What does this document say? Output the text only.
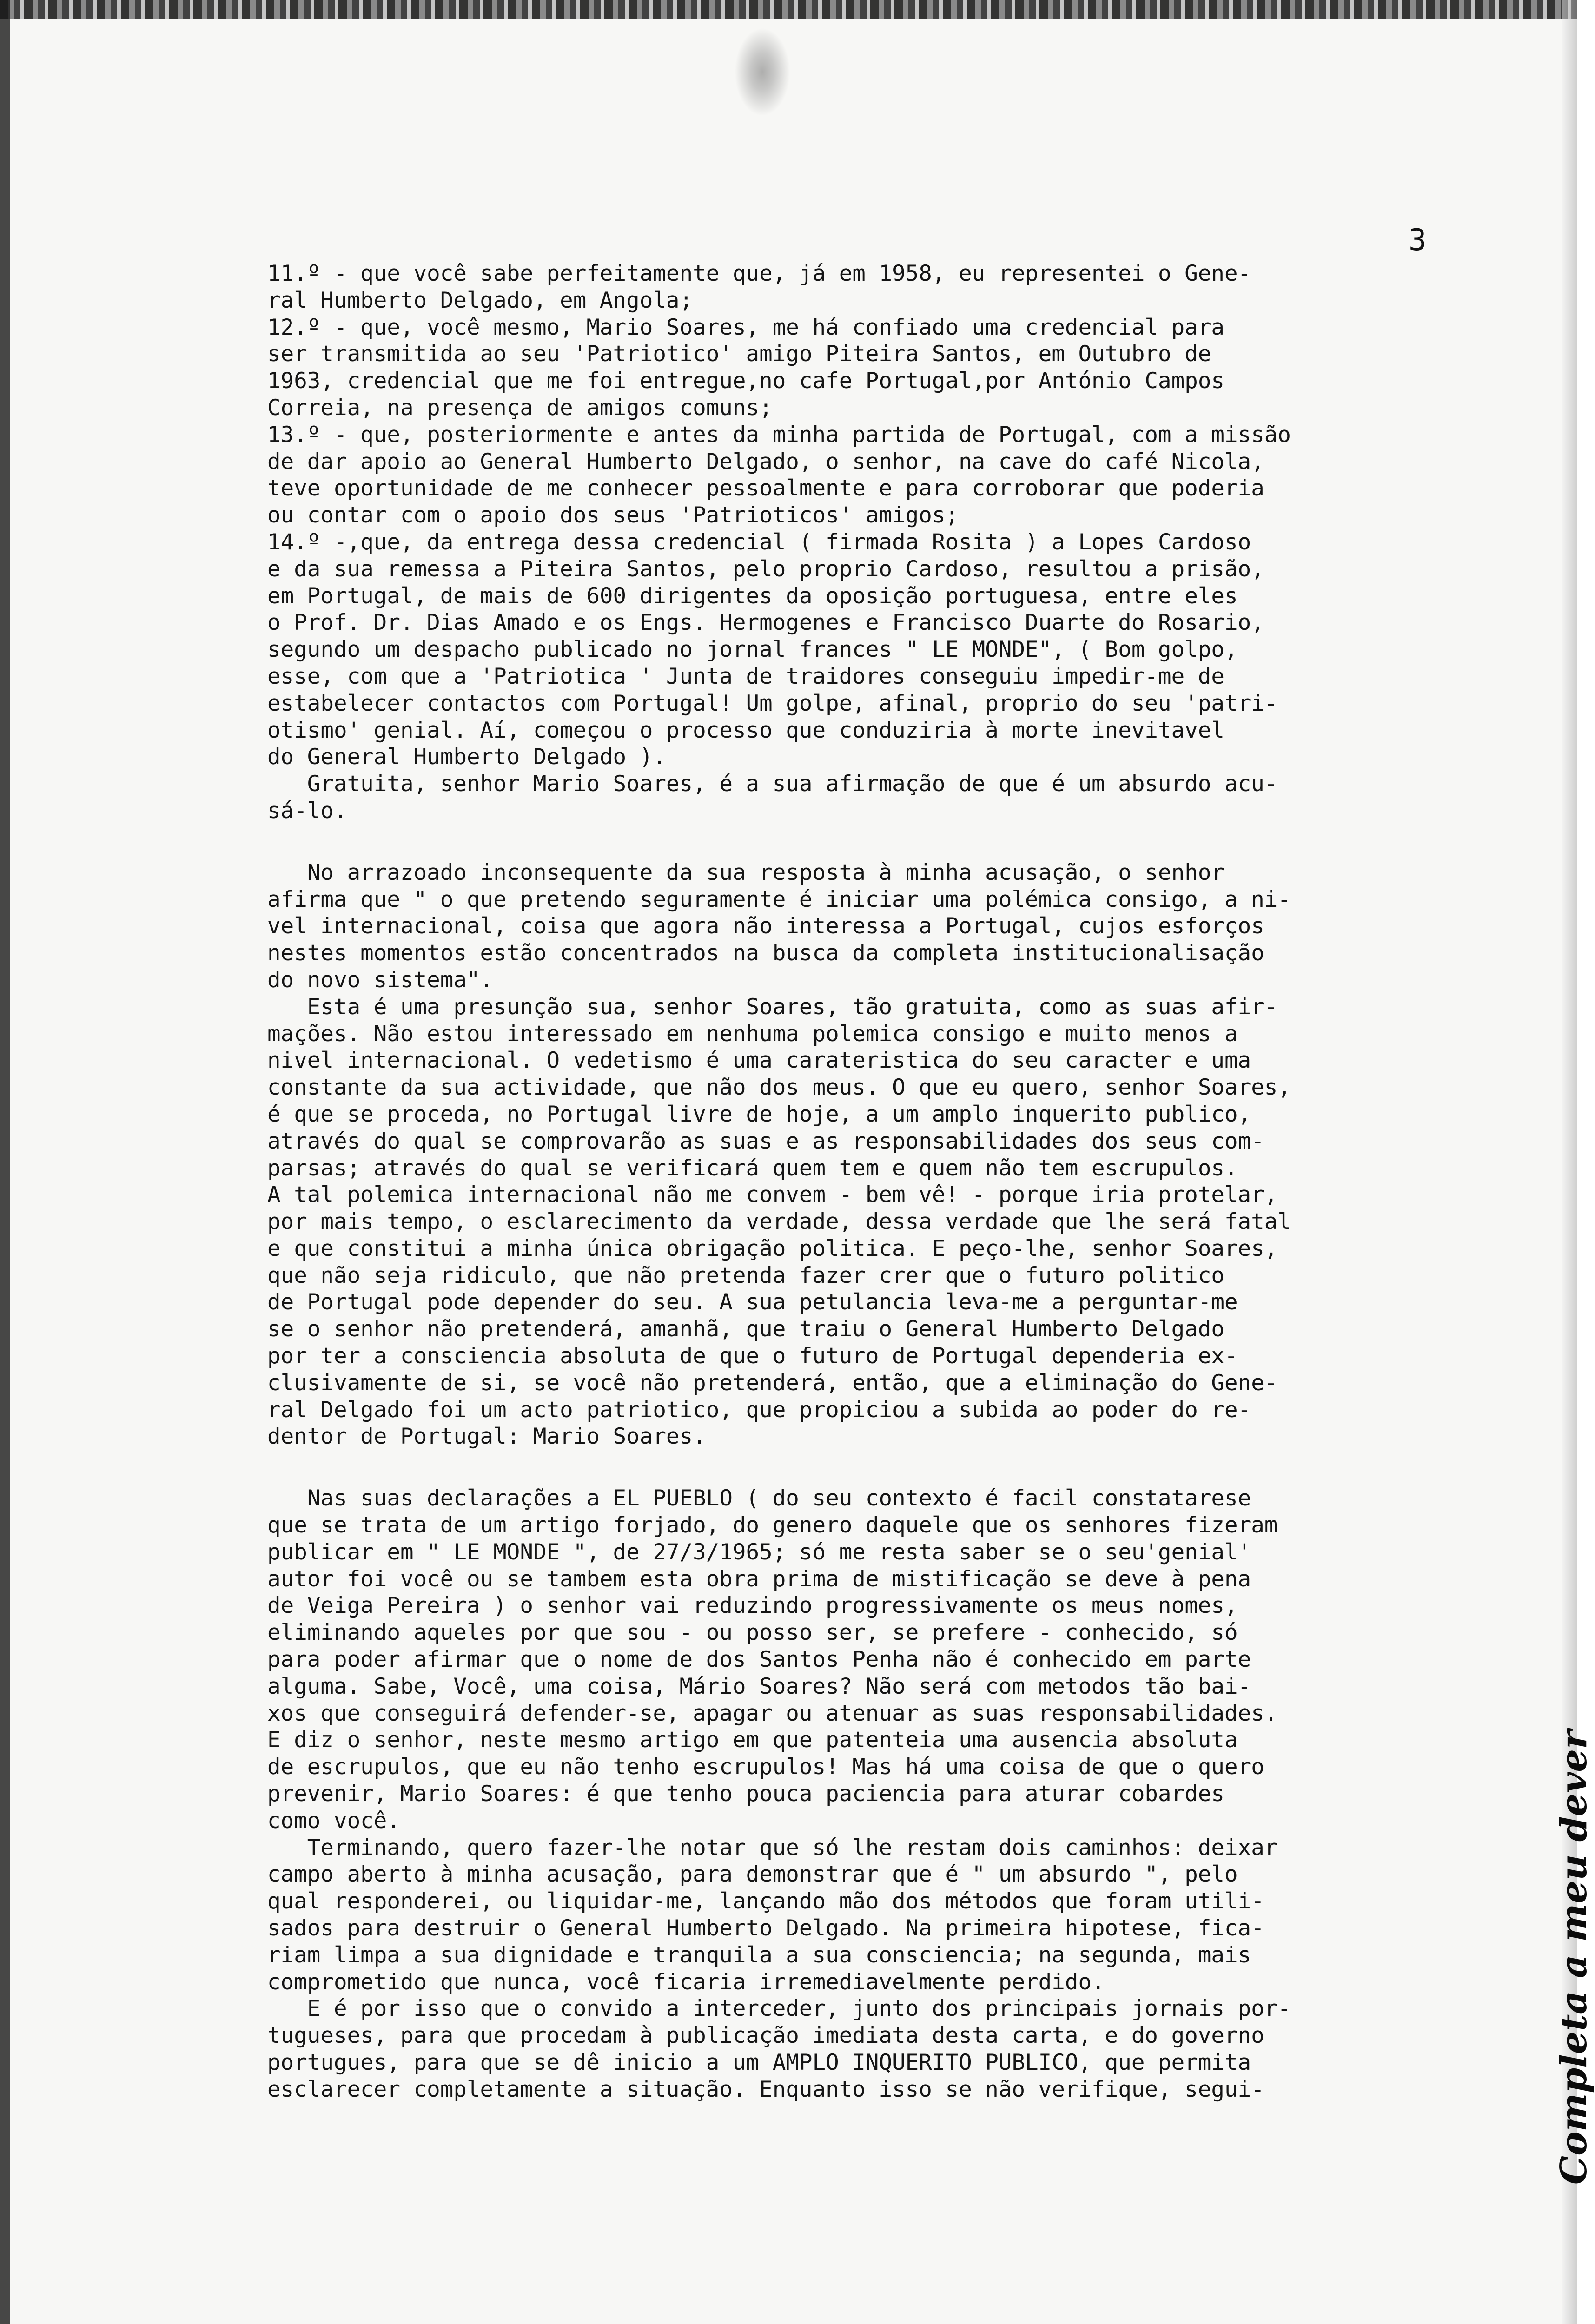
3
11.º - que você sabe perfeitamente que, já em 1958, eu representei o Gene-
ral Humberto Delgado, em Angola;
12.º - que, você mesmo, Mario Soares, me há confiado uma credencial para
ser transmitida ao seu 'Patriotico' amigo Piteira Santos, em Outubro de
1963, credencial que me foi entregue,no cafe Portugal,por António Campos
Correia, na presença de amigos comuns;
13.º - que, posteriormente e antes da minha partida de Portugal, com a missão
de dar apoio ao General Humberto Delgado, o senhor, na cave do café Nicola,
teve oportunidade de me conhecer pessoalmente e para corroborar que poderia
ou contar com o apoio dos seus 'Patrioticos' amigos;
14.º -,que, da entrega dessa credencial ( firmada Rosita ) a Lopes Cardoso
e da sua remessa a Piteira Santos, pelo proprio Cardoso, resultou a prisão,
em Portugal, de mais de 600 dirigentes da oposição portuguesa, entre eles
o Prof. Dr. Dias Amado e os Engs. Hermogenes e Francisco Duarte do Rosario,
segundo um despacho publicado no jornal frances " LE MONDE", ( Bom golpo,
esse, com que a 'Patriotica ' Junta de traidores conseguiu impedir-me de
estabelecer contactos com Portugal! Um golpe, afinal, proprio do seu 'patri-
otismo' genial. Aí, começou o processo que conduziria à morte inevitavel
do General Humberto Delgado ).
Gratuita, senhor Mario Soares, é a sua afirmação de que é um absurdo acu-
sá-lo.
No arrazoado inconsequente da sua resposta à minha acusação, o senhor
afirma que " o que pretendo seguramente é iniciar uma polémica consigo, a ni-
vel internacional, coisa que agora não interessa a Portugal, cujos esforços
nestes momentos estão concentrados na busca da completa institucionalisação
do novo sistema".
Esta é uma presunção sua, senhor Soares, tão gratuita, como as suas afir-
mações. Não estou interessado em nenhuma polemica consigo e muito menos a
nivel internacional. O vedetismo é uma carateristica do seu caracter e uma
constante da sua actividade, que não dos meus. O que eu quero, senhor Soares,
é que se proceda, no Portugal livre de hoje, a um amplo inquerito publico,
através do qual se comprovarão as suas e as responsabilidades dos seus com-
parsas; através do qual se verificará quem tem e quem não tem escrupulos.
A tal polemica internacional não me convem - bem vê! - porque iria protelar,
por mais tempo, o esclarecimento da verdade, dessa verdade que lhe será fatal
e que constitui a minha única obrigação politica. E peço-lhe, senhor Soares,
que não seja ridiculo, que não pretenda fazer crer que o futuro politico
de Portugal pode depender do seu. A sua petulancia leva-me a perguntar-me
se o senhor não pretenderá, amanhã, que traiu o General Humberto Delgado
por ter a consciencia absoluta de que o futuro de Portugal dependeria ex-
clusivamente de si, se você não pretenderá, então, que a eliminação do Gene-
ral Delgado foi um acto patriotico, que propiciou a subida ao poder do re-
dentor de Portugal: Mario Soares.
Nas suas declarações a EL PUEBLO ( do seu contexto é facil constatarese
que se trata de um artigo forjado, do genero daquele que os senhores fizeram
publicar em " LE MONDE ", de 27/3/1965; só me resta saber se o seu'genial'
autor foi você ou se tambem esta obra prima de mistificação se deve à pena
de Veiga Pereira ) o senhor vai reduzindo progressivamente os meus nomes,
eliminando aqueles por que sou - ou posso ser, se prefere - conhecido, só
para poder afirmar que o nome de dos Santos Penha não é conhecido em parte
alguma. Sabe, Você, uma coisa, Mário Soares? Não será com metodos tão bai-
xos que conseguirá defender-se, apagar ou atenuar as suas responsabilidades.
E diz o senhor, neste mesmo artigo em que patenteia uma ausencia absoluta
de escrupulos, que eu não tenho escrupulos! Mas há uma coisa de que o quero
prevenir, Mario Soares: é que tenho pouca paciencia para aturar cobardes
como você.
Terminando, quero fazer-lhe notar que só lhe restam dois caminhos: deixar
campo aberto à minha acusação, para demonstrar que é " um absurdo ", pelo
qual responderei, ou liquidar-me, lançando mão dos métodos que foram utili-
sados para destruir o General Humberto Delgado. Na primeira hipotese, fica-
riam limpa a sua dignidade e tranquila a sua consciencia; na segunda, mais
comprometido que nunca, você ficaria irremediavelmente perdido.
E é por isso que o convido a interceder, junto dos principais jornais por-
tugueses, para que procedam à publicação imediata desta carta, e do governo
portugues, para que se dê inicio a um AMPLO INQUERITO PUBLICO, que permita
esclarecer completamente a situação. Enquanto isso se não verifique, segui-	Completa a meu dever
